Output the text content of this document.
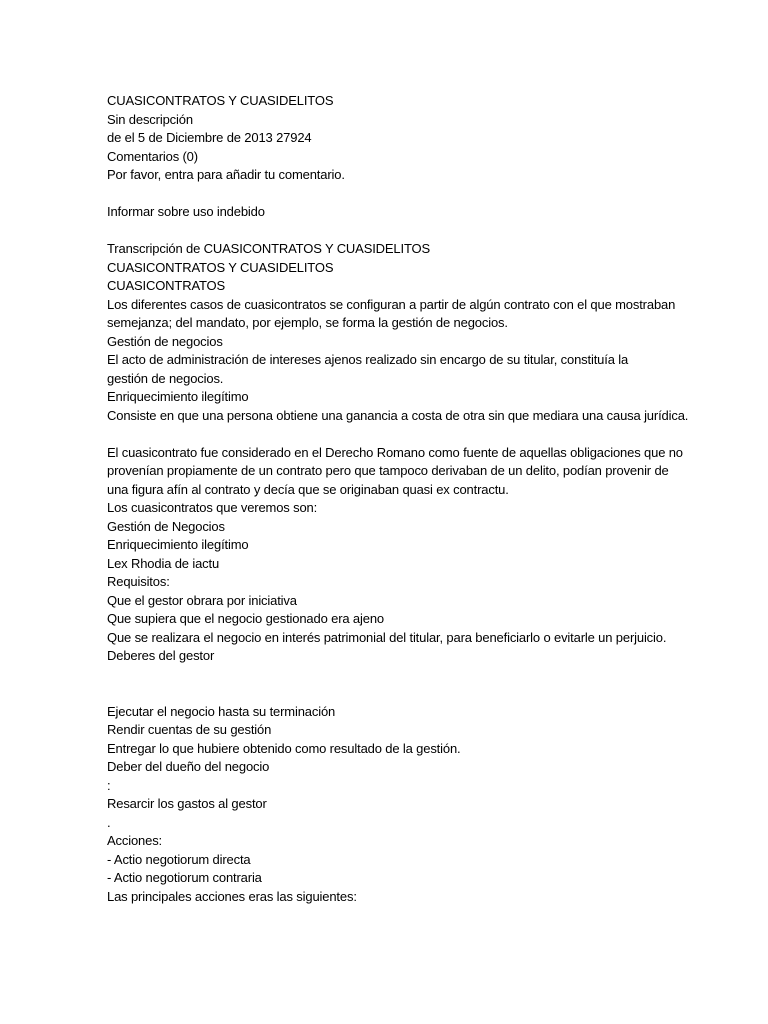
CUASICONTRATOS Y CUASIDELITOS
Sin descripción
de el 5 de Diciembre de 2013 27924
Comentarios (0)
Por favor, entra para añadir tu comentario.
Informar sobre uso indebido
Transcripción de CUASICONTRATOS Y CUASIDELITOS
CUASICONTRATOS Y CUASIDELITOS
CUASICONTRATOS
Los diferentes casos de cuasicontratos se configuran a partir de algún contrato con el que mostraban
semejanza; del mandato, por ejemplo, se forma la gestión de negocios.
Gestión de negocios
El acto de administración de intereses ajenos realizado sin encargo de su titular, constituía la
gestión de negocios.
Enriquecimiento ilegítimo
Consiste en que una persona obtiene una ganancia a costa de otra sin que mediara una causa jurídica.
El cuasicontrato fue considerado en el Derecho Romano como fuente de aquellas obligaciones que no
provenían propiamente de un contrato pero que tampoco derivaban de un delito, podían provenir de
una figura afín al contrato y decía que se originaban quasi ex contractu.
Los cuasicontratos que veremos son:
Gestión de Negocios
Enriquecimiento ilegítimo
Lex Rhodia de iactu
Requisitos:
Que el gestor obrara por iniciativa
Que supiera que el negocio gestionado era ajeno
Que se realizara el negocio en interés patrimonial del titular, para beneficiarlo o evitarle un perjuicio.
Deberes del gestor
Ejecutar el negocio hasta su terminación
Rendir cuentas de su gestión
Entregar lo que hubiere obtenido como resultado de la gestión.
Deber del dueño del negocio
:
Resarcir los gastos al gestor
.
Acciones:
- Actio negotiorum directa
- Actio negotiorum contraria
Las principales acciones eras las siguientes:
